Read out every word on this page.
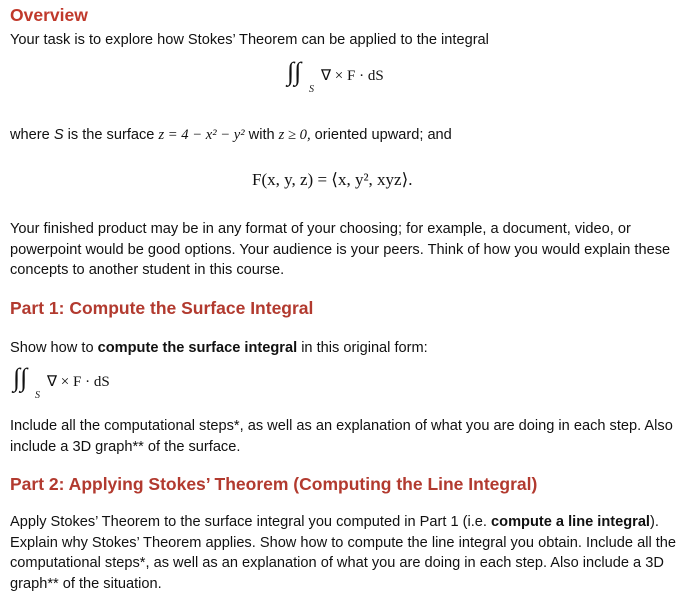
Overview
Your task is to explore how Stokes’ Theorem can be applied to the integral
∫∫
S
∇ × F · dS
where S is the surface z = 4 − x² − y² with z ≥ 0, oriented upward; and
F(x, y, z) = ⟨x, y², xyz⟩.
Your finished product may be in any format of your choosing; for example, a document, video, or powerpoint would be good options. Your audience is your peers. Think of how you would explain these concepts to another student in this course.
Part 1: Compute the Surface Integral
Show how to compute the surface integral in this original form:
∫∫
S
∇ × F · dS
Include all the computational steps*, as well as an explanation of what you are doing in each step. Also include a 3D graph** of the surface.
Part 2: Applying Stokes’ Theorem (Computing the Line Integral)
Apply Stokes’ Theorem to the surface integral you computed in Part 1 (i.e. compute a line integral). Explain why Stokes’ Theorem applies. Show how to compute the line integral you obtain. Include all the computational steps*, as well as an explanation of what you are doing in each step. Also include a 3D graph** of the situation.
